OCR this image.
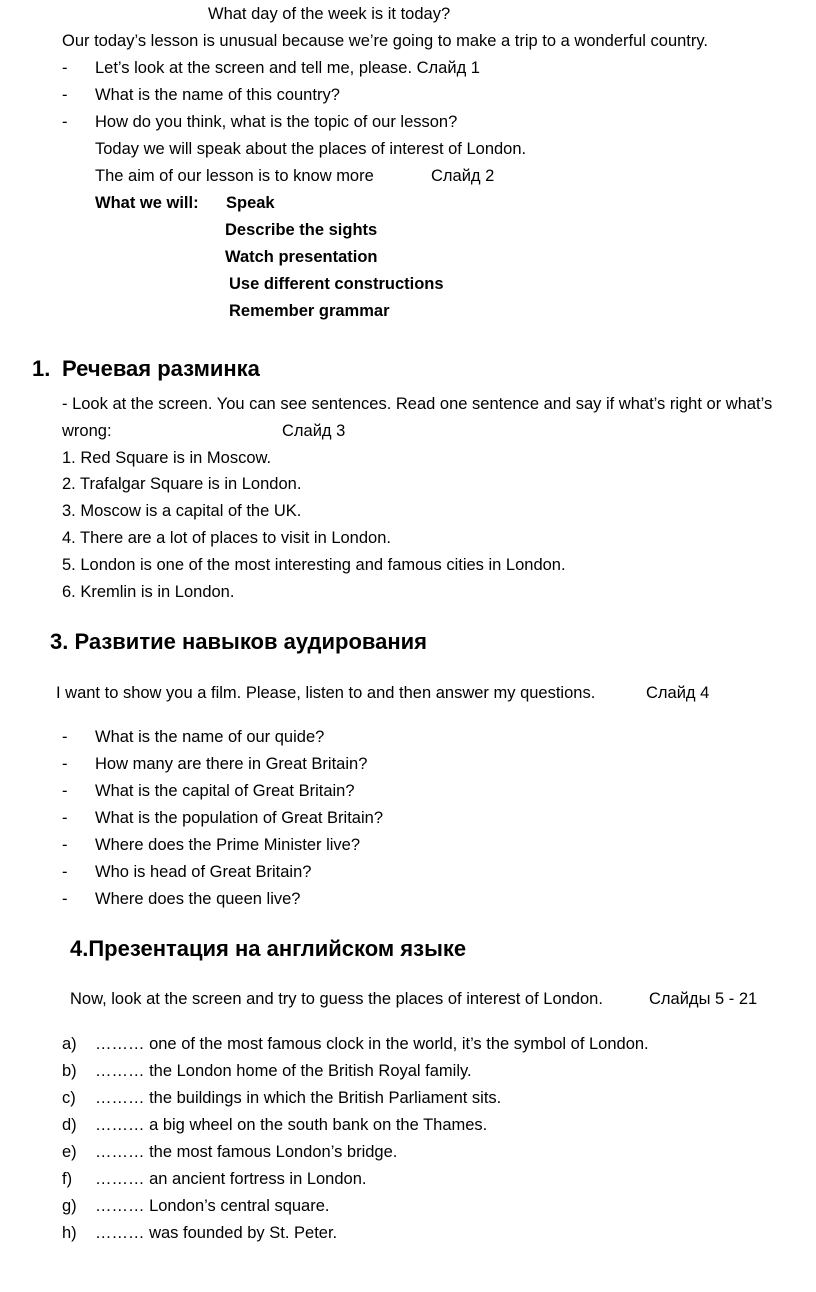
What day of the week is it today?
Our today’s lesson is unusual because we’re going to make a trip to a wonderful country.
- Let’s look at the screen and tell me, please. Слайд 1
- What is the name of this country?
- How do you think, what is the topic of our lesson?
Today we will speak about the places of interest of London.
The aim of our lesson is to know more	Слайд 2
What we will: Speak
Describe the sights
Watch presentation
Use different constructions
Remember grammar
1. Речевая разминка
- Look at the screen. You can see sentences. Read one sentence and say if what’s right or what’s
wrong:	Слайд 3
1. Red Square is in Moscow.
2. Trafalgar Square is in London.
3. Moscow is a capital of the UK.
4. There are a lot of places to visit in London.
5. London is one of the most interesting and famous cities in London.
6. Kremlin is in London.
3. Развитие навыков аудирования
I want to show you a film. Please, listen to and then answer my questions.	Слайд 4
- What is the name of our quide?
- How many are there in Great Britain?
- What is the capital of Great Britain?
- What is the population of Great Britain?
- Where does the Prime Minister live?
- Who is head of Great Britain?
- Where does the queen live?
4.Презентация на английском языке
Now, look at the screen and try to guess the places of interest of London.	Слайды 5 - 21
a) ……… one of the most famous clock in the world, it’s the symbol of London.
b) ……… the London home of the British Royal family.
c) ……… the buildings in which the British Parliament sits.
d) ……… a big wheel on the south bank on the Thames.
e) ……… the most famous London’s bridge.
f) ……… an ancient fortress in London.
g) ……… London’s central square.
h) ……… was founded by St. Peter.
